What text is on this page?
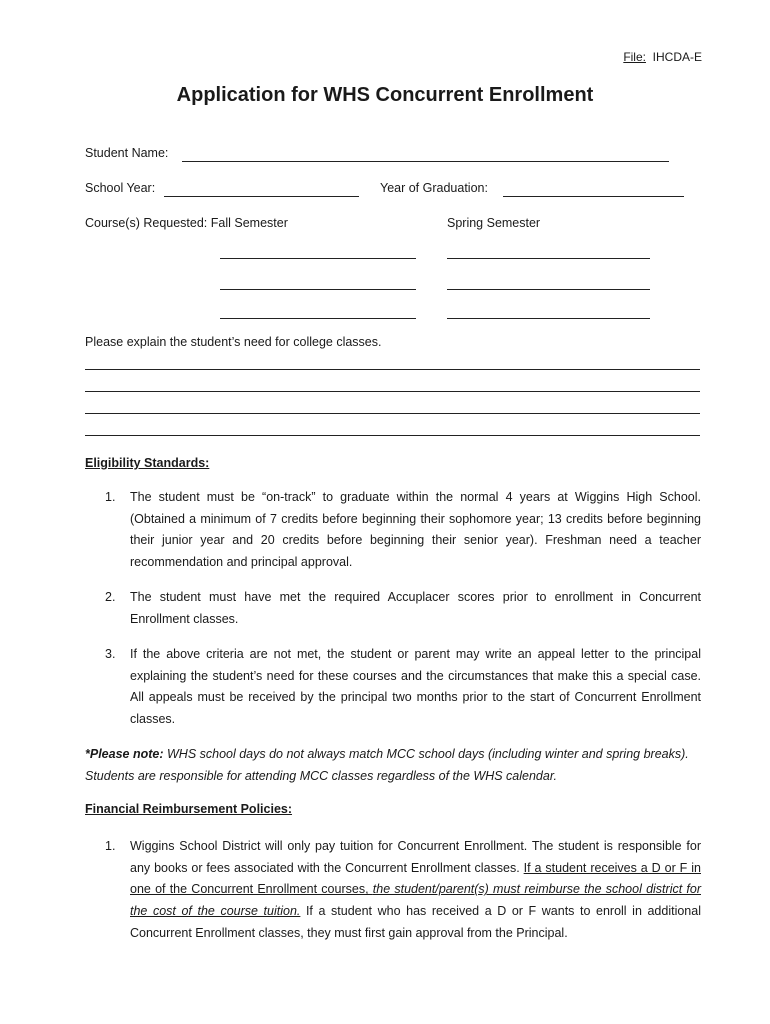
File: IHCDA-E
Application for WHS Concurrent Enrollment
Student Name:
School Year:	Year of Graduation:
Course(s) Requested: Fall Semester	Spring Semester
Please explain the student’s need for college classes.
Eligibility Standards:
1. The student must be “on-track” to graduate within the normal 4 years at Wiggins High School. (Obtained a minimum of 7 credits before beginning their sophomore year; 13 credits before beginning their junior year and 20 credits before beginning their senior year). Freshman need a teacher recommendation and principal approval.
2. The student must have met the required Accuplacer scores prior to enrollment in Concurrent Enrollment classes.
3. If the above criteria are not met, the student or parent may write an appeal letter to the principal explaining the student’s need for these courses and the circumstances that make this a special case. All appeals must be received by the principal two months prior to the start of Concurrent Enrollment classes.
*Please note: WHS school days do not always match MCC school days (including winter and spring breaks). Students are responsible for attending MCC classes regardless of the WHS calendar.
Financial Reimbursement Policies:
1. Wiggins School District will only pay tuition for Concurrent Enrollment. The student is responsible for any books or fees associated with the Concurrent Enrollment classes. If a student receives a D or F in one of the Concurrent Enrollment courses, the student/parent(s) must reimburse the school district for the cost of the course tuition. If a student who has received a D or F wants to enroll in additional Concurrent Enrollment classes, they must first gain approval from the Principal.
